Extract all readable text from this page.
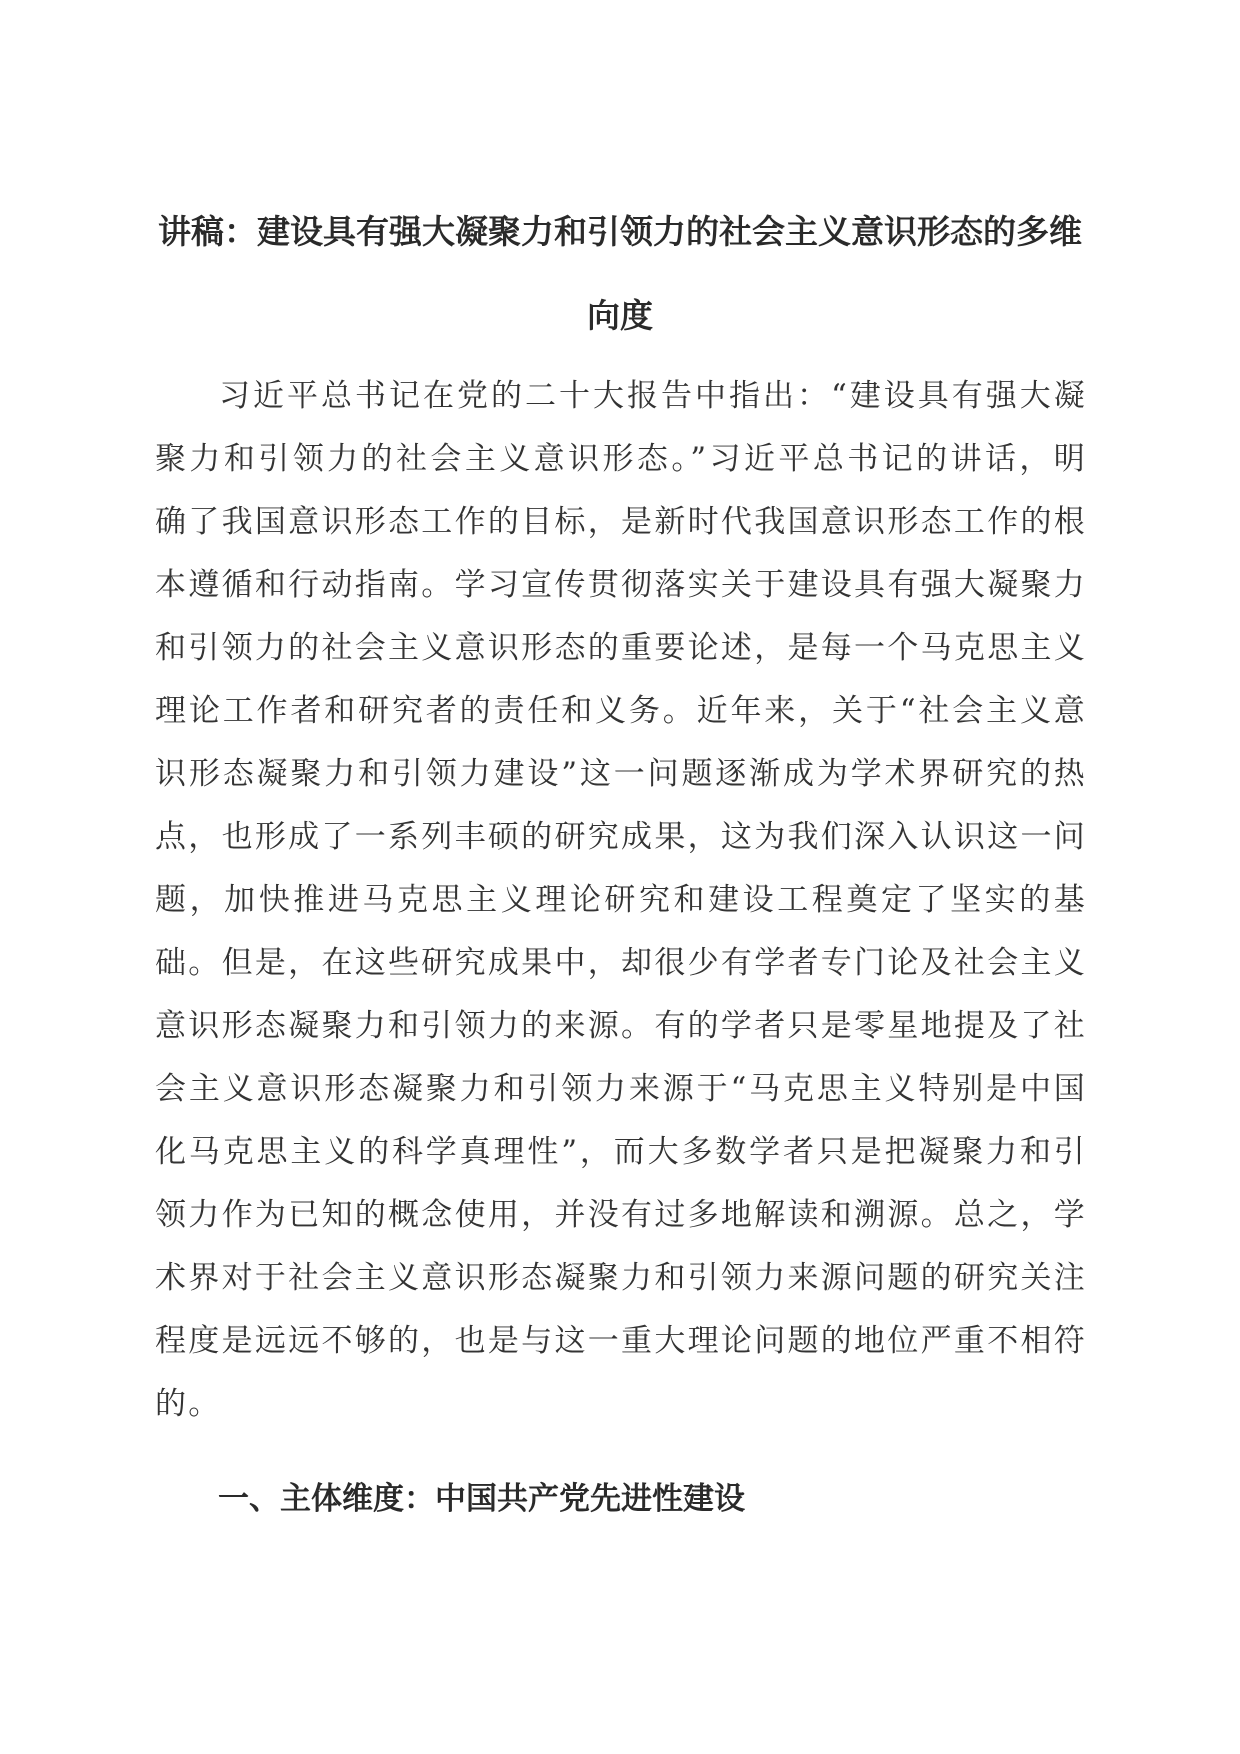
讲稿：建设具有强大凝聚力和引领力的社会主义意识形态的多维向度

习近平总书记在党的二十大报告中指出：“建设具有强大凝聚力和引领力的社会主义意识形态。”习近平总书记的讲话，明确了我国意识形态工作的目标，是新时代我国意识形态工作的根本遵循和行动指南。学习宣传贯彻落实关于建设具有强大凝聚力和引领力的社会主义意识形态的重要论述，是每一个马克思主义理论工作者和研究者的责任和义务。近年来，关于“社会主义意识形态凝聚力和引领力建设”这一问题逐渐成为学术界研究的热点，也形成了一系列丰硕的研究成果，这为我们深入认识这一问题，加快推进马克思主义理论研究和建设工程奠定了坚实的基础。但是，在这些研究成果中，却很少有学者专门论及社会主义意识形态凝聚力和引领力的来源。有的学者只是零星地提及了社会主义意识形态凝聚力和引领力来源于“马克思主义特别是中国化马克思主义的科学真理性”，而大多数学者只是把凝聚力和引领力作为已知的概念使用，并没有过多地解读和溯源。总之，学术界对于社会主义意识形态凝聚力和引领力来源问题的研究关注程度是远远不够的，也是与这一重大理论问题的地位严重不相符的。

一、主体维度：中国共产党先进性建设
